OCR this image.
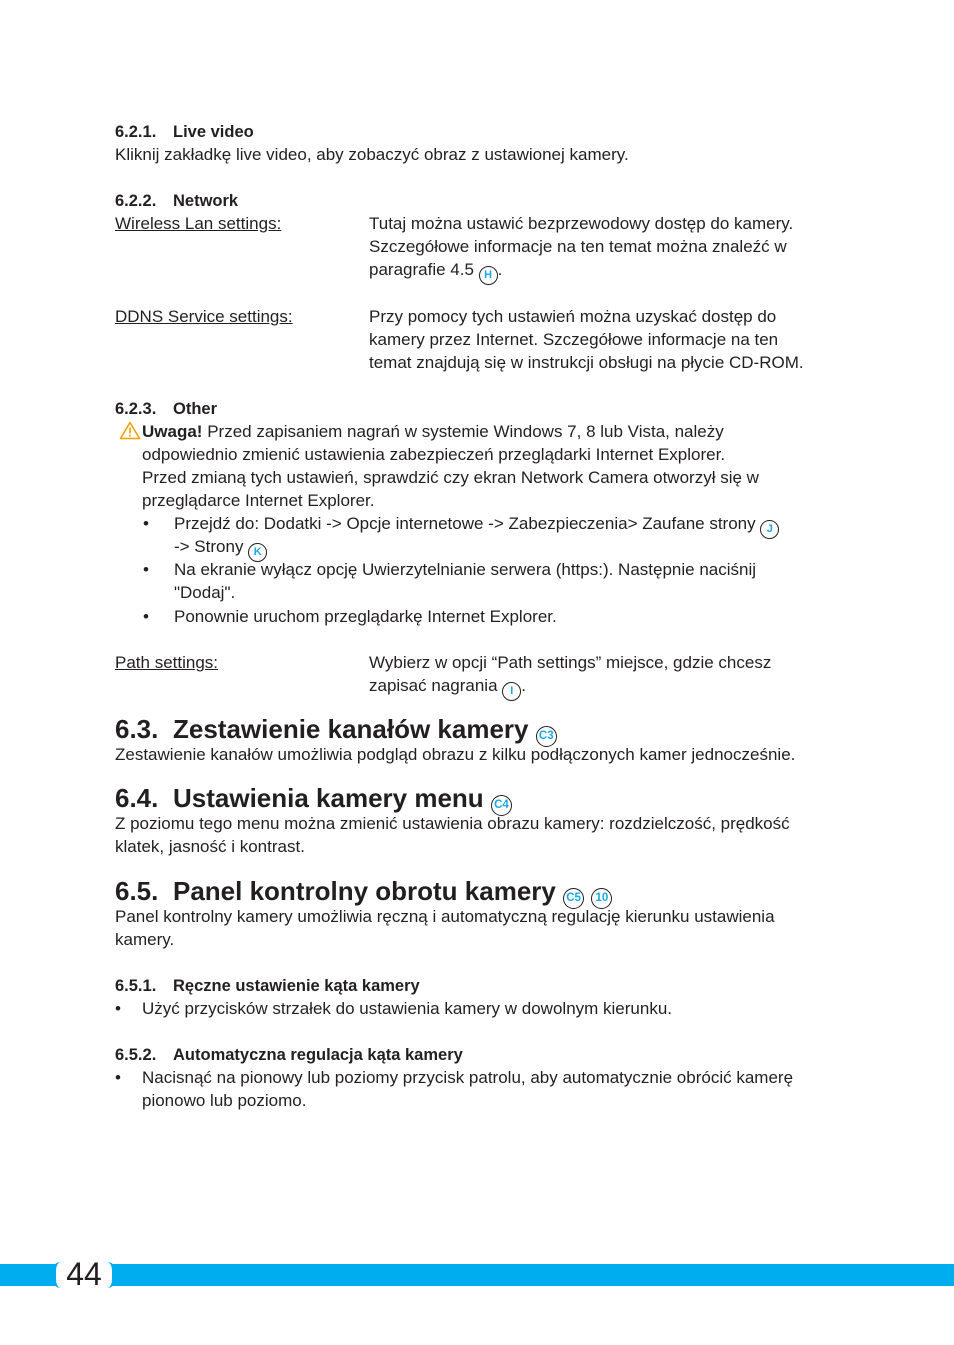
6.2.1. Live video
Kliknij zakładkę live video, aby zobaczyć obraz z ustawionej kamery.
6.2.2. Network
Wireless Lan settings:	Tutaj można ustawić bezprzewodowy dostęp do kamery.
Szczegółowe informacje na ten temat można znaleźć w
paragrafie 4.5 H .
DDNS Service settings:	Przy pomocy tych ustawień można uzyskać dostęp do
kamery przez Internet. Szczegółowe informacje na ten
temat znajdują się w instrukcji obsługi na płycie CD-ROM.
6.2.3. Other
Uwaga! Przed zapisaniem nagrań w systemie Windows 7, 8 lub Vista, należy
odpowiednio zmienić ustawienia zabezpieczeń przeglądarki Internet Explorer.
Przed zmianą tych ustawień, sprawdzić czy ekran Network Camera otworzył się w
przeglądarce Internet Explorer.
• Przejdź do: Dodatki -> Opcje internetowe -> Zabezpieczenia> Zaufane strony J
-> Strony K
• Na ekranie wyłącz opcję Uwierzytelnianie serwera (https:). Następnie naciśnij
"Dodaj".
• Ponownie uruchom przeglądarkę Internet Explorer.
Path settings:	Wybierz w opcji “Path settings” miejsce, gdzie chcesz
zapisać nagrania I .
6.3. Zestawienie kanałów kamery C3
Zestawienie kanałów umożliwia podgląd obrazu z kilku podłączonych kamer jednocześnie.
6.4. Ustawienia kamery menu C4
Z poziomu tego menu można zmienić ustawienia obrazu kamery: rozdzielczość, prędkość
klatek, jasność i kontrast.
6.5. Panel kontrolny obrotu kamery C5 10
Panel kontrolny kamery umożliwia ręczną i automatyczną regulację kierunku ustawienia
kamery.
6.5.1. Ręczne ustawienie kąta kamery
• Użyć przycisków strzałek do ustawienia kamery w dowolnym kierunku.
6.5.2. Automatyczna regulacja kąta kamery
• Nacisnąć na pionowy lub poziomy przycisk patrolu, aby automatycznie obrócić kamerę
pionowo lub poziomo.
44
